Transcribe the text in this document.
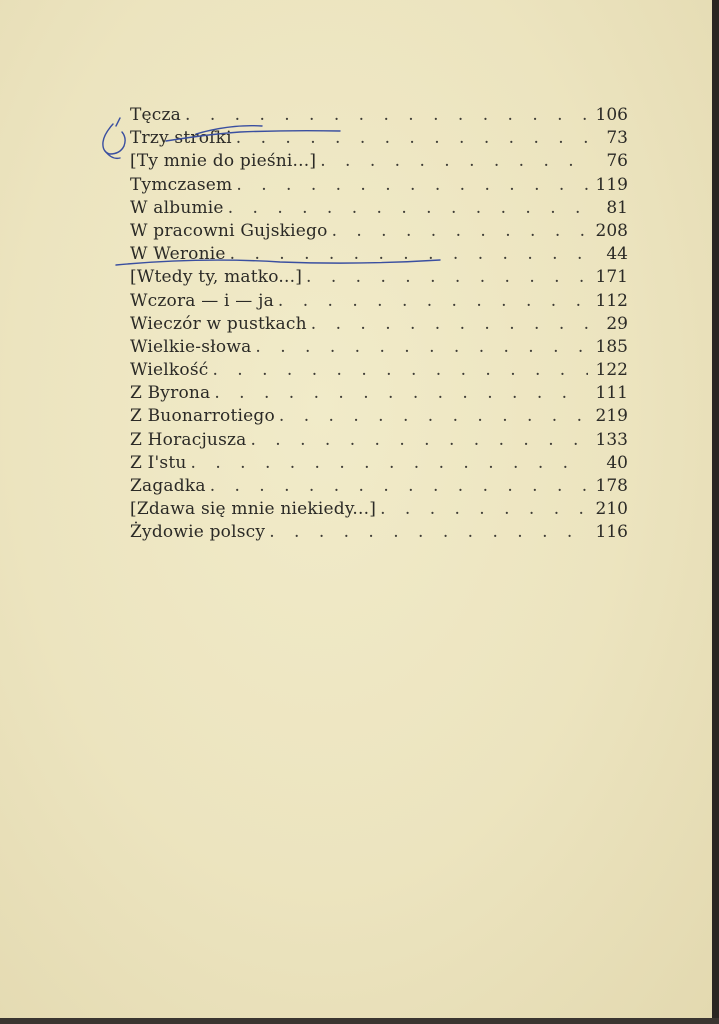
Tęcza . . .	106
Trzy strofki . . .	73
[Ty mnie do pieśni...] . . .	76
Tymczasem . . .	119
W albumie . . .	81
W pracowni Gujskiego . . .	208
W Weronie . . .	44
[Wtedy ty, matko...] . . .	171
Wczora — i — ja . . .	112
Wieczór w pustkach . . .	29
Wielkie-słowa . . .	185
Wielkość . . .	122
Z Byrona . . .	111
Z Buonarrotiego . . .	219
Z Horacjusza . . .	133
Z I'stu . . .	40
Zagadka . . .	178
[Zdawa się mnie niekiedy...] . . .	210
Żydowie polscy . . .	116
